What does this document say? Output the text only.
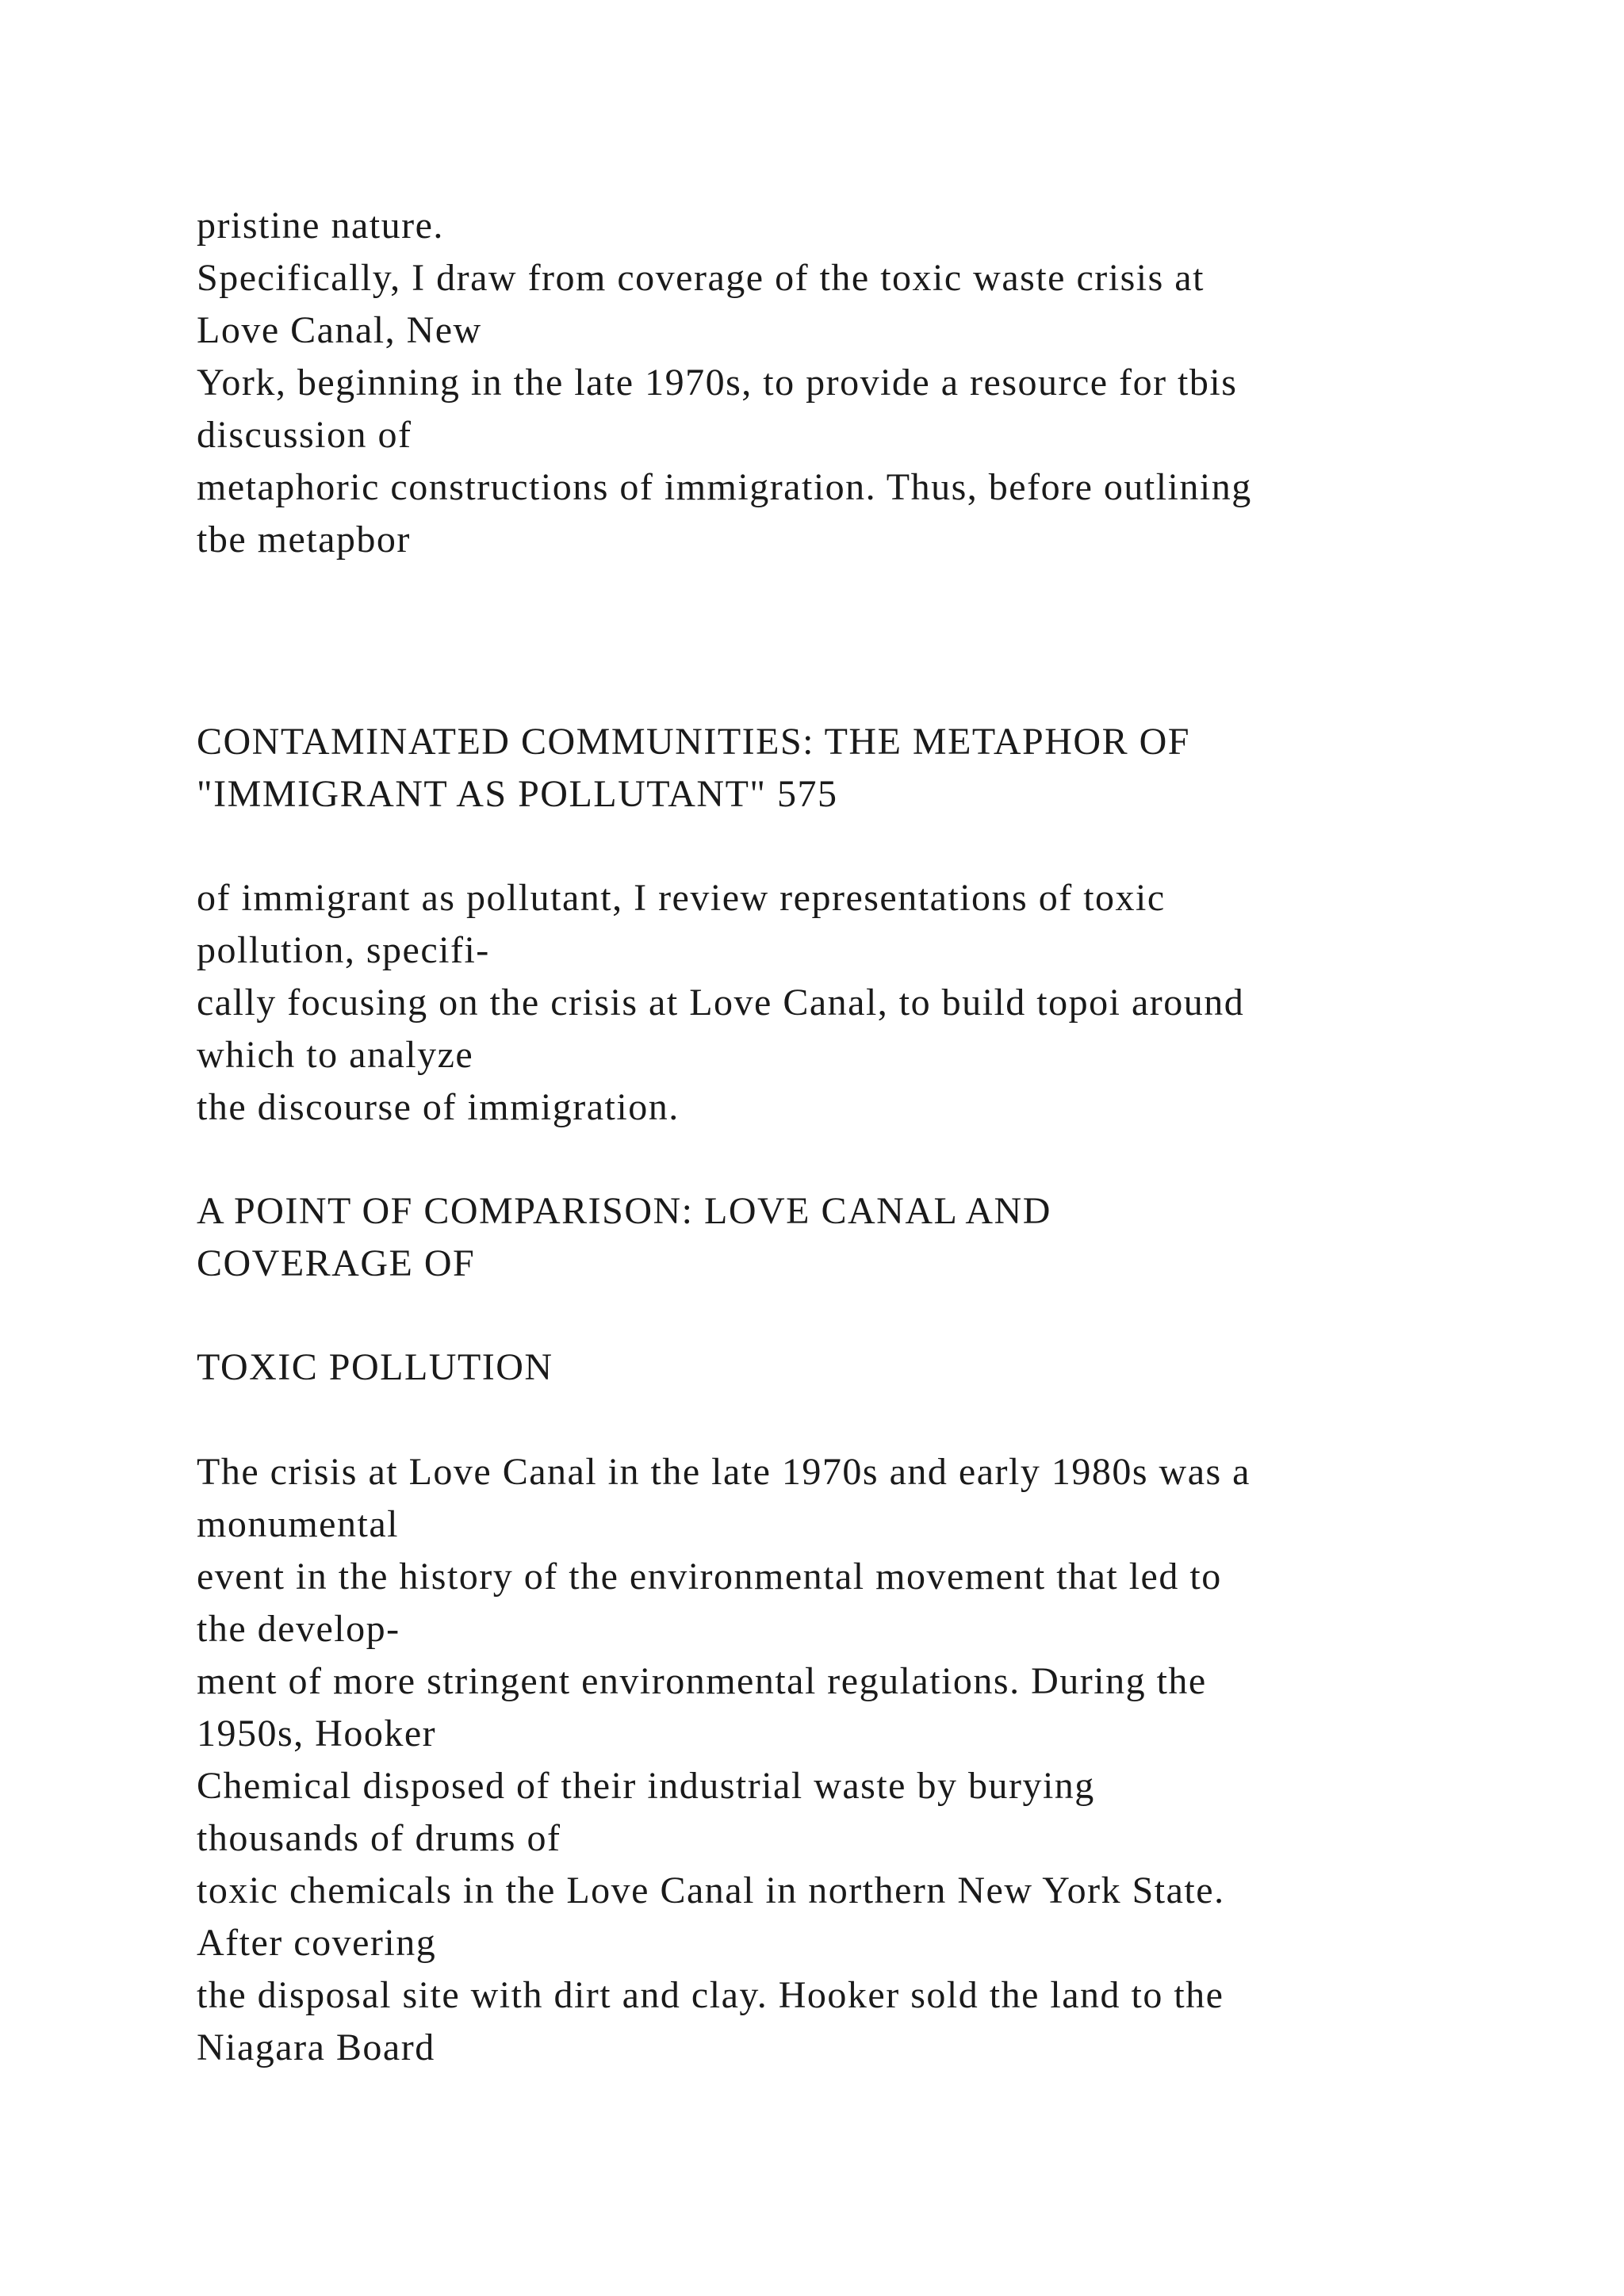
pristine nature.
Specifically, I draw from coverage of the toxic waste crisis at
Love Canal, New
York, beginning in the late 1970s, to provide a resource for tbis
discussion of
metaphoric constructions of immigration. Thus, before outlining
tbe metapbor
CONTAMINATED COMMUNITIES: THE METAPHOR OF
"IMMIGRANT AS POLLUTANT" 575
of immigrant as pollutant, I review representations of toxic
pollution, specifi-
cally focusing on the crisis at Love Canal, to build topoi around
which to analyze
the discourse of immigration.
A POINT OF COMPARISON: LOVE CANAL AND
COVERAGE OF
TOXIC POLLUTION
The crisis at Love Canal in the late 1970s and early 1980s was a
monumental
event in the history of the environmental movement that led to
the develop-
ment of more stringent environmental regulations. During the
1950s, Hooker
Chemical disposed of their industrial waste by burying
thousands of drums of
toxic chemicals in the Love Canal in northern New York State.
After covering
the disposal site with dirt and clay. Hooker sold the land to the
Niagara Board
